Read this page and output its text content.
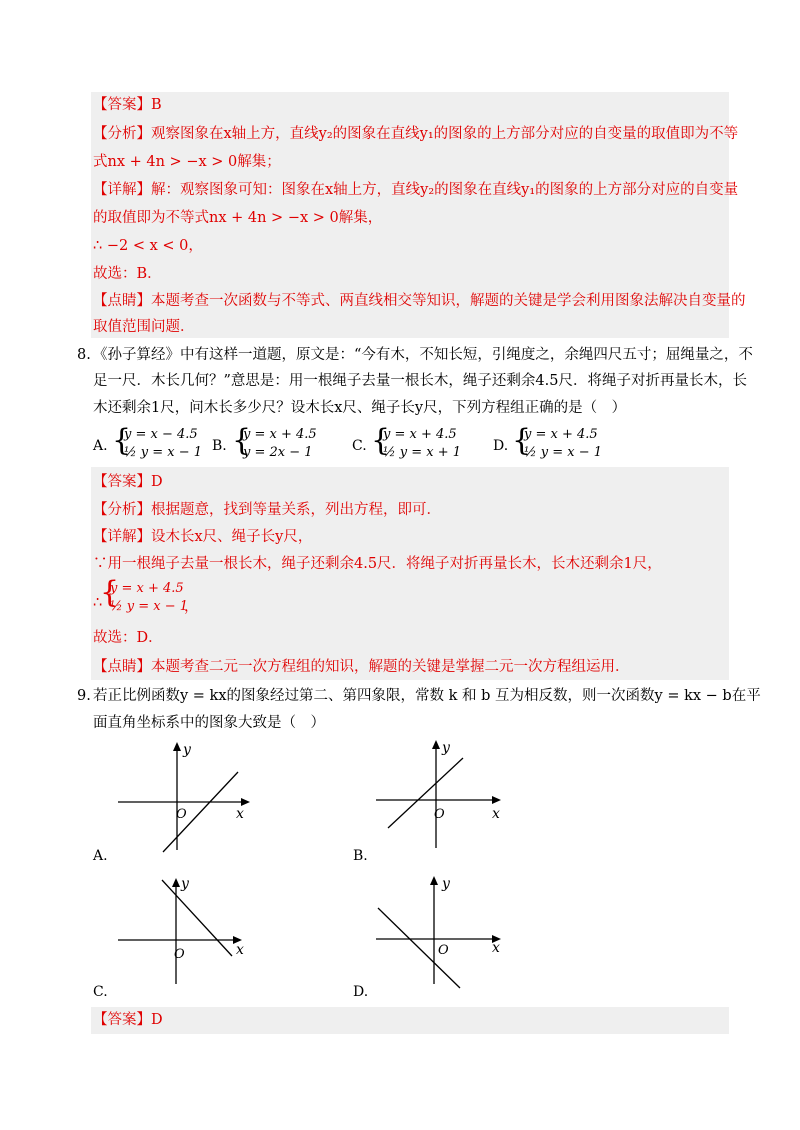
【答案】B
【分析】观察图象在x轴上方，直线y₂的图象在直线y₁的图象的上方部分对应的自变量的取值即为不等
式nx + 4n > −x > 0解集；
【详解】解：观察图象可知：图象在x轴上方，直线y₂的图象在直线y₁的图象的上方部分对应的自变量
的取值即为不等式nx + 4n > −x > 0解集，
∴ −2 < x < 0，
故选：B．
【点睛】本题考查一次函数与不等式、两直线相交等知识，解题的关键是学会利用图象法解决自变量的
取值范围问题．
8. 《孙子算经》中有这样一道题，原文是：“今有木，不知长短，引绳度之，余绳四尺五寸；屈绳量之，不
足一尺．木长几何？”意思是：用一根绳子去量一根长木，绳子还剩余4.5尺．将绳子对折再量长木，长
木还剩余1尺，问木长多少尺？设木长x尺、绳子长y尺，下列方程组正确的是（　）
A. {
y = x − 4.5
½ y = x − 1 B. {
y = x + 4.5
y = 2x − 1	C. {
y = x + 4.5
½ y = x + 1 D. {
y = x + 4.5
½ y = x − 1
【答案】D
【分析】根据题意，找到等量关系，列出方程，即可．
【详解】设木长x尺、绳子长y尺，
∵用一根绳子去量一根长木，绳子还剩余4.5尺．将绳子对折再量长木，长木还剩余1尺，
∴
{
y = x + 4.5
½ y = x − 1
，
故选：D．
【点睛】本题考查二元一次方程组的知识，解题的关键是掌握二元一次方程组运用．
9. 若正比例函数y = kx的图象经过第二、第四象限，常数 k 和 b 互为相反数，则一次函数y = kx − b在平
面直角坐标系中的图象大致是（　）
x
y
O
A.
x
y
O
B.
x
y
O
C.
x
y
O
D.
【答案】D
